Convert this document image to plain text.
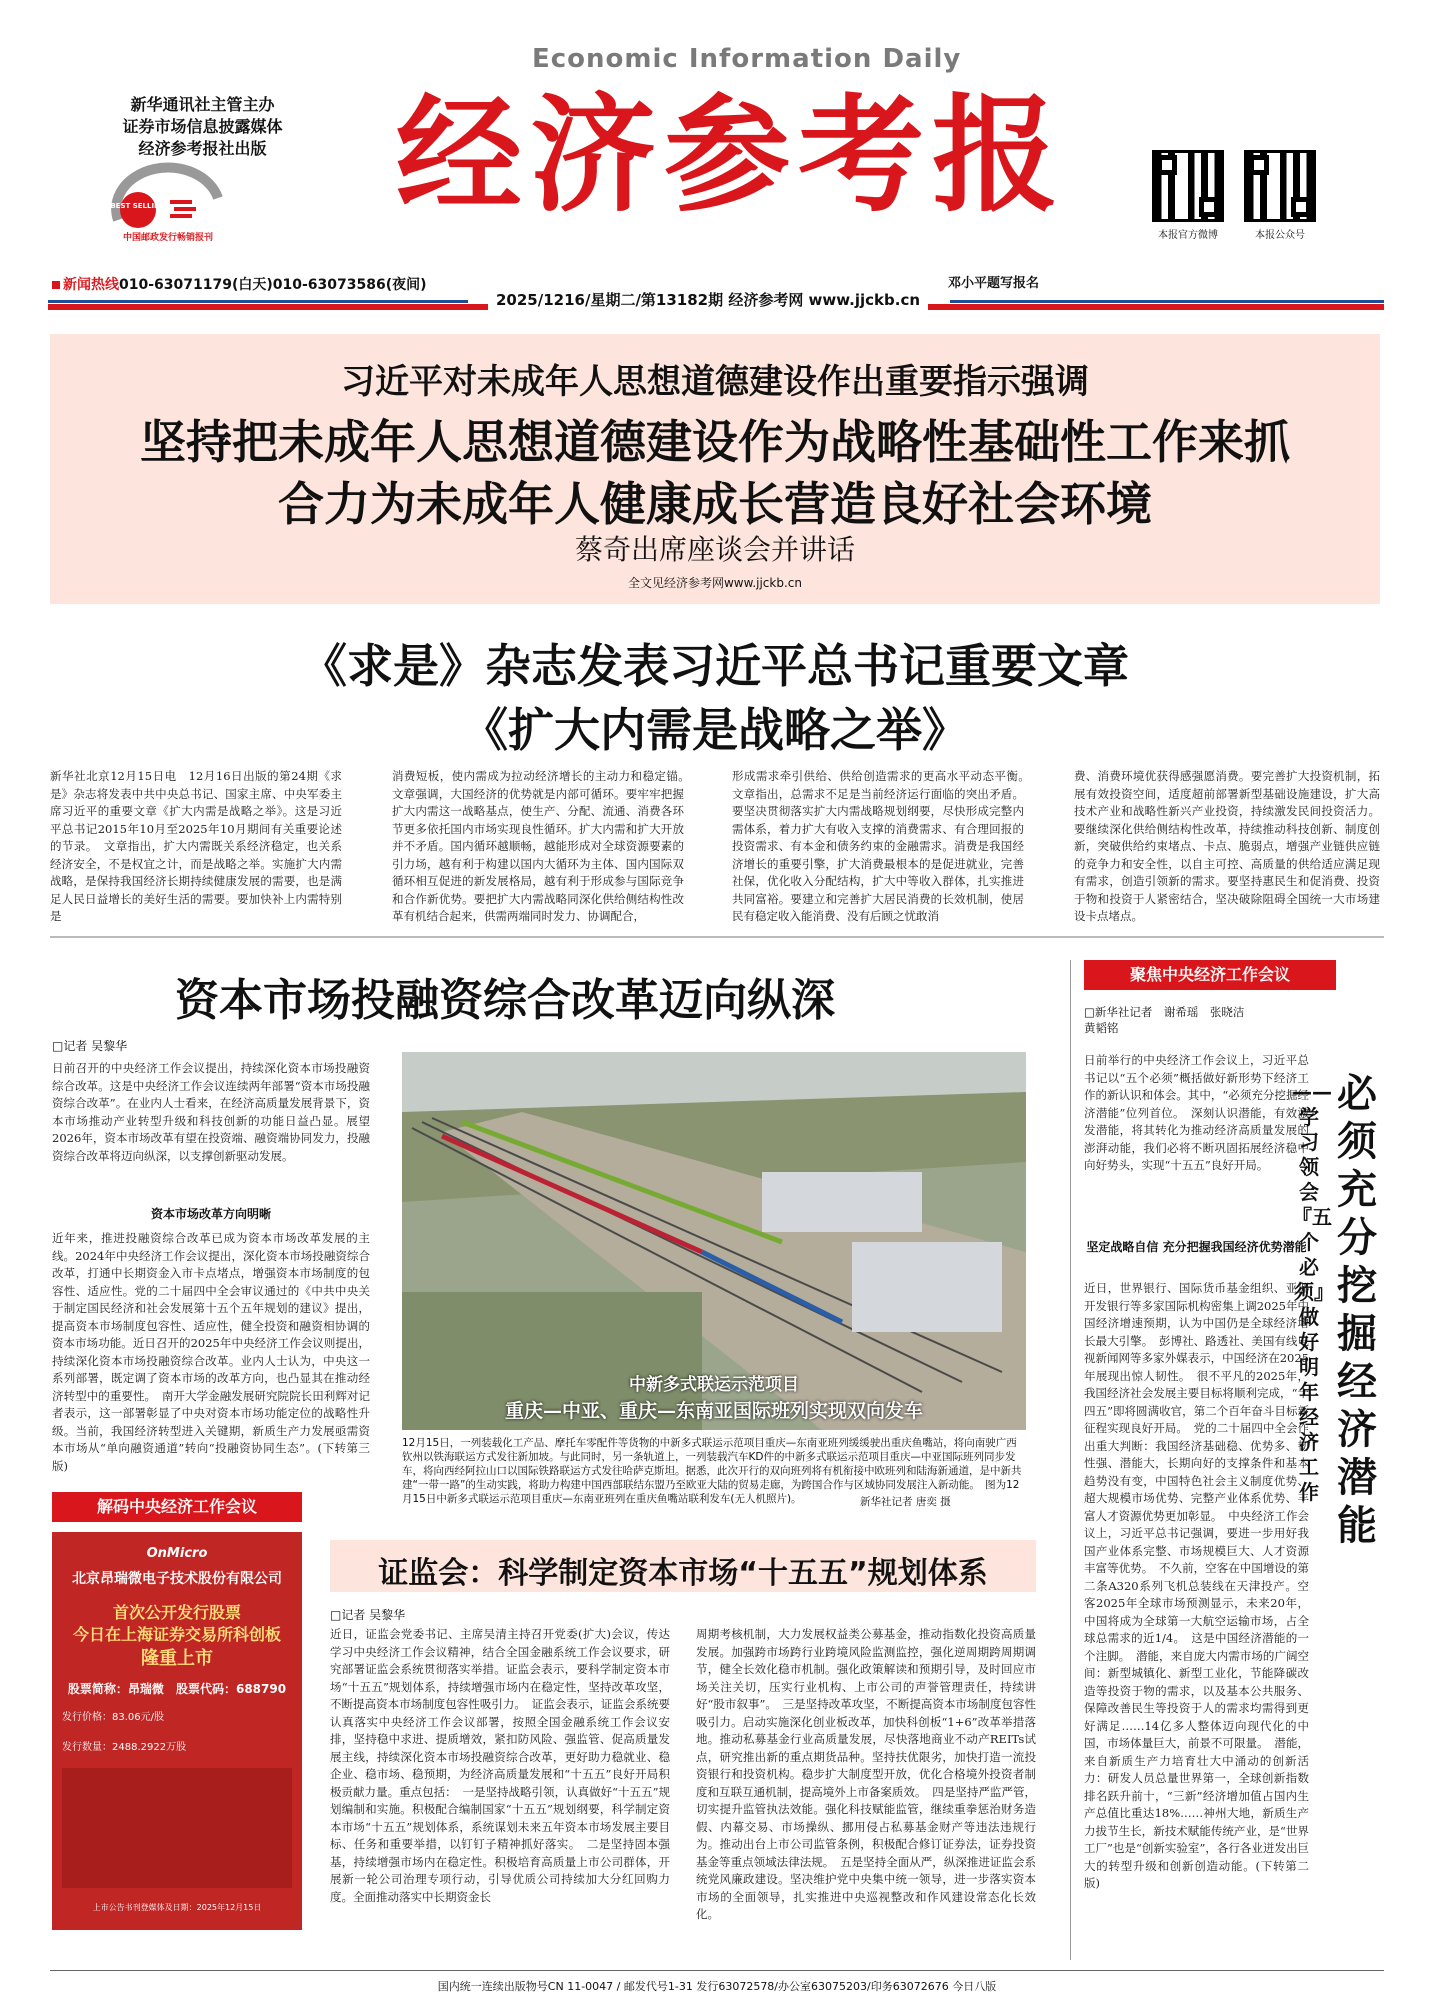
Economic Information Daily
经济参考报
新华通讯社主管主办
证券市场信息披露媒体
经济参考报社出版
BEST SELLING
中国邮政发行畅销报刊	本报官方微博	本报公众号
新闻热线010-63071179(白天)010-63073586(夜间)	邓小平题写报名
2025/1216/星期二/第13182期 经济参考网 www.jjckb.cn
习近平对未成年人思想道德建设作出重要指示强调
坚持把未成年人思想道德建设作为战略性基础性工作来抓
合力为未成年人健康成长营造良好社会环境
蔡奇出席座谈会并讲话
全文见经济参考网www.jjckb.cn
《求是》杂志发表习近平总书记重要文章
《扩大内需是战略之举》
新华社北京12月15日电　12月16日出版的第24期《求是》杂志将发表中共中央总书记、国家主席、中央军委主席习近平的重要文章《扩大内需是战略之举》。这是习近平总书记2015年10月至2025年10月期间有关重要论述的节录。　文章指出，扩大内需既关系经济稳定，也关系经济安全，不是权宜之计，而是战略之举。实施扩大内需战略，是保持我国经济长期持续健康发展的需要，也是满足人民日益增长的美好生活的需要。要加快补上内需特别是
消费短板，使内需成为拉动经济增长的主动力和稳定锚。　文章强调，大国经济的优势就是内部可循环。要牢牢把握扩大内需这一战略基点，使生产、分配、流通、消费各环节更多依托国内市场实现良性循环。扩大内需和扩大开放并不矛盾。国内循环越顺畅，越能形成对全球资源要素的引力场，越有利于构建以国内大循环为主体、国内国际双循环相互促进的新发展格局，越有利于形成参与国际竞争和合作新优势。要把扩大内需战略同深化供给侧结构性改革有机结合起来，供需两端同时发力、协调配合，
形成需求牵引供给、供给创造需求的更高水平动态平衡。　文章指出，总需求不足是当前经济运行面临的突出矛盾。要坚决贯彻落实扩大内需战略规划纲要，尽快形成完整内需体系，着力扩大有收入支撑的消费需求、有合理回报的投资需求、有本金和债务约束的金融需求。消费是我国经济增长的重要引擎，扩大消费最根本的是促进就业，完善社保，优化收入分配结构，扩大中等收入群体，扎实推进共同富裕。要建立和完善扩大居民消费的长效机制，使居民有稳定收入能消费、没有后顾之忧敢消
费、消费环境优获得感强愿消费。要完善扩大投资机制，拓展有效投资空间，适度超前部署新型基础设施建设，扩大高技术产业和战略性新兴产业投资，持续激发民间投资活力。要继续深化供给侧结构性改革，持续推动科技创新、制度创新，突破供给约束堵点、卡点、脆弱点，增强产业链供应链的竞争力和安全性，以自主可控、高质量的供给适应满足现有需求，创造引领新的需求。要坚持惠民生和促消费、投资于物和投资于人紧密结合，坚决破除阻碍全国统一大市场建设卡点堵点。
资本市场投融资综合改革迈向纵深
□记者 吴黎华
日前召开的中央经济工作会议提出，持续深化资本市场投融资综合改革。这是中央经济工作会议连续两年部署“资本市场投融资综合改革”。在业内人士看来，在经济高质量发展背景下，资本市场推动产业转型升级和科技创新的功能日益凸显。展望2026年，资本市场改革有望在投资端、融资端协同发力，投融资综合改革将迈向纵深，以支撑创新驱动发展。
资本市场改革方向明晰
近年来，推进投融资综合改革已成为资本市场改革发展的主线。2024年中央经济工作会议提出，深化资本市场投融资综合改革，打通中长期资金入市卡点堵点，增强资本市场制度的包容性、适应性。党的二十届四中全会审议通过的《中共中央关于制定国民经济和社会发展第十五个五年规划的建议》提出，提高资本市场制度包容性、适应性，健全投资和融资相协调的资本市场功能。近日召开的2025年中央经济工作会议则提出，持续深化资本市场投融资综合改革。业内人士认为，中央这一系列部署，既定调了资本市场的改革方向，也凸显其在推动经济转型中的重要性。　南开大学金融发展研究院院长田利辉对记者表示，这一部署彰显了中央对资本市场功能定位的战略性升级。当前，我国经济转型进入关键期，新质生产力发展亟需资本市场从“单向融资通道”转向“投融资协同生态”。(下转第三版)
中新多式联运示范项目
重庆—中亚、重庆—东南亚国际班列实现双向发车
12月15日，一列装载化工产品、摩托车零配件等货物的中新多式联运示范项目重庆—东南亚班列缓缓驶出重庆鱼嘴站，将向南驶广西钦州以铁海联运方式发往新加坡。与此同时，另一条轨道上，一列装载汽车KD件的中新多式联运示范项目重庆—中亚国际班列同步发车，将向西经阿拉山口以国际铁路联运方式发往哈萨克斯坦。据悉，此次开行的双向班列将有机衔接中欧班列和陆海新通道，是中新共建“一带一路”的生动实践，将助力构建中国西部联结东盟乃至欧亚大陆的贸易走廊，为跨国合作与区域协同发展注入新动能。　图为12月15日中新多式联运示范项目重庆—东南亚班列在重庆鱼嘴站联利发车(无人机照片)。	新华社记者 唐奕 摄
聚焦中央经济工作会议
□新华社记者　谢希瑶　张晓洁　黄韬铭
日前举行的中央经济工作会议上，习近平总书记以“五个必须”概括做好新形势下经济工作的新认识和体会。其中，“必须充分挖掘经济潜能”位列首位。　深刻认识潜能，有效激发潜能，将其转化为推动经济高质量发展的澎湃动能，我们必将不断巩固拓展经济稳中向好势头，实现“十五五”良好开局。
坚定战略自信 充分把握我国经济优势潜能
近日，世界银行、国际货币基金组织、亚洲开发银行等多家国际机构密集上调2025年中国经济增速预期，认为中国仍是全球经济增长最大引擎。　彭博社、路透社、美国有线电视新闻网等多家外媒表示，中国经济在2025年展现出惊人韧性。　很不平凡的2025年，我国经济社会发展主要目标将顺利完成，“十四五”即将圆满收官，第二个百年奋斗目标新征程实现良好开局。　党的二十届四中全会作出重大判断：我国经济基础稳、优势多、韧性强、潜能大，长期向好的支撑条件和基本趋势没有变，中国特色社会主义制度优势、超大规模市场优势、完整产业体系优势、丰富人才资源优势更加彰显。　中央经济工作会议上，习近平总书记强调，要进一步用好我国产业体系完整、市场规模巨大、人才资源丰富等优势。　不久前，空客在中国增设的第二条A320系列飞机总装线在天津投产。空客2025年全球市场预测显示，未来20年，中国将成为全球第一大航空运输市场，占全球总需求的近1/4。　这是中国经济潜能的一个注脚。　潜能，来自庞大内需市场的广阔空间：新型城镇化、新型工业化，节能降碳改造等投资于物的需求，以及基本公共服务、保障改善民生等投资于人的需求均需得到更好满足……14亿多人整体迈向现代化的中国，市场体量巨大，前景不可限量。　潜能，来自新质生产力培育壮大中涌动的创新活力：研发人员总量世界第一，全球创新指数排名跃升前十，“三新”经济增加值占国内生产总值比重达18%……神州大地，新质生产力拔节生长，新技术赋能传统产业，是“世界工厂”也是“创新实验室”，各行各业迸发出巨大的转型升级和创新创造动能。(下转第二版)
必须充分挖掘经济潜能
——学习领会『五个必须』做好明年经济工作
解码中央经济工作会议
OnMicro
北京昂瑞微电子技术股份有限公司
首次公开发行股票
今日在上海证券交易所科创板
隆重上市
股票简称：昂瑞微　 股票代码：688790
发行价格：83.06元/股
发行数量：2488.2922万股
上市公告书刊登媒体及日期：2025年12月15日
证监会：科学制定资本市场“十五五”规划体系
□记者 吴黎华
近日，证监会党委书记、主席吴清主持召开党委(扩大)会议，传达学习中央经济工作会议精神，结合全国金融系统工作会议要求，研究部署证监会系统贯彻落实举措。证监会表示，要科学制定资本市场“十五五”规划体系，持续增强市场内在稳定性，坚持改革攻坚，不断提高资本市场制度包容性吸引力。　证监会表示，证监会系统要认真落实中央经济工作会议部署，按照全国金融系统工作会议安排，坚持稳中求进、提质增效，紧扣防风险、强监管、促高质量发展主线，持续深化资本市场投融资综合改革，更好助力稳就业、稳企业、稳市场、稳预期，为经济高质量发展和“十五五”良好开局积极贡献力量。重点包括：　一是坚持战略引领，认真做好“十五五”规划编制和实施。积极配合编制国家“十五五”规划纲要，科学制定资本市场“十五五”规划体系，系统谋划未来五年资本市场发展主要目标、任务和重要举措，以钉钉子精神抓好落实。　二是坚持固本强基，持续增强市场内在稳定性。积极培育高质量上市公司群体，开展新一轮公司治理专项行动，引导优质公司持续加大分红回购力度。全面推动落实中长期资金长
周期考核机制，大力发展权益类公募基金，推动指数化投资高质量发展。加强跨市场跨行业跨境风险监测监控，强化逆周期跨周期调节，健全长效化稳市机制。强化政策解读和预期引导，及时回应市场关注关切，压实行业机构、上市公司的声誉管理责任，持续讲好“股市叙事”。　三是坚持改革攻坚，不断提高资本市场制度包容性吸引力。启动实施深化创业板改革，加快科创板“1+6”改革举措落地。推动私募基金行业高质量发展，尽快落地商业不动产REITs试点，研究推出新的重点期货品种。坚持扶优限劣，加快打造一流投资银行和投资机构。稳步扩大制度型开放，优化合格境外投资者制度和互联互通机制，提高境外上市备案质效。　四是坚持严监严管，切实提升监管执法效能。强化科技赋能监管，继续重拳惩治财务造假、内幕交易、市场操纵、挪用侵占私募基金财产等违法违规行为。推动出台上市公司监管条例，积极配合修订证券法，证券投资基金等重点领域法律法规。　五是坚持全面从严，纵深推进证监会系统党风廉政建设。坚决维护党中央集中统一领导，进一步落实资本市场的全面领导，扎实推进中央巡视整改和作风建设常态化长效化。
国内统一连续出版物号CN 11-0047 / 邮发代号1-31 发行63072578/办公室63075203/印务63072676 今日八版
